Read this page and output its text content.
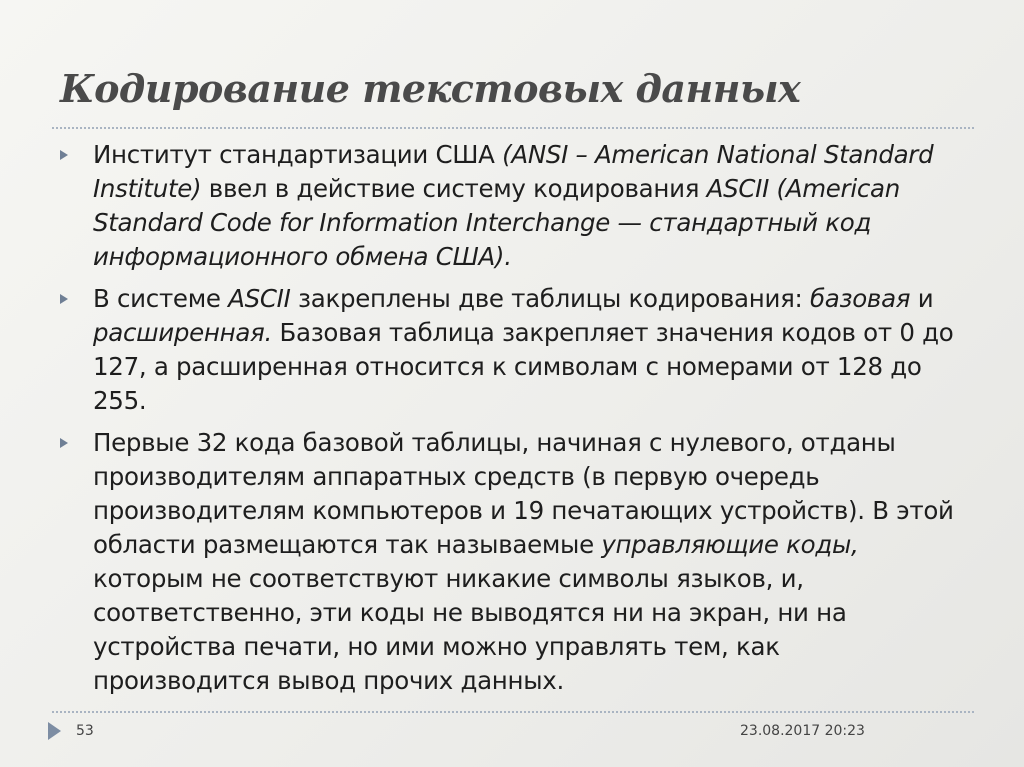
Кодирование текстовых данных
Институт стандартизации США (ANSI – American National Standard Institute) ввел в действие систему кодирования ASCII (American Standard Code for Information Interchange — стандартный код информационного обмена США).
В системе ASCII закреплены две таблицы кодирования: базовая и расширенная. Базовая таблица закрепляет значения кодов от 0 до 127, а расширенная относится к символам с номерами от 128 до 255.
Первые 32 кода базовой таблицы, начиная с нулевого, отданы производителям аппаратных средств (в первую очередь производителям компьютеров и 19 печатающих устройств). В этой области размещаются так называемые управляющие коды, которым не соответствуют никакие символы языков, и, соответственно, эти коды не выводятся ни на экран, ни на устройства печати, но ими можно управлять тем, как производится вывод прочих данных.
53	23.08.2017 20:23
